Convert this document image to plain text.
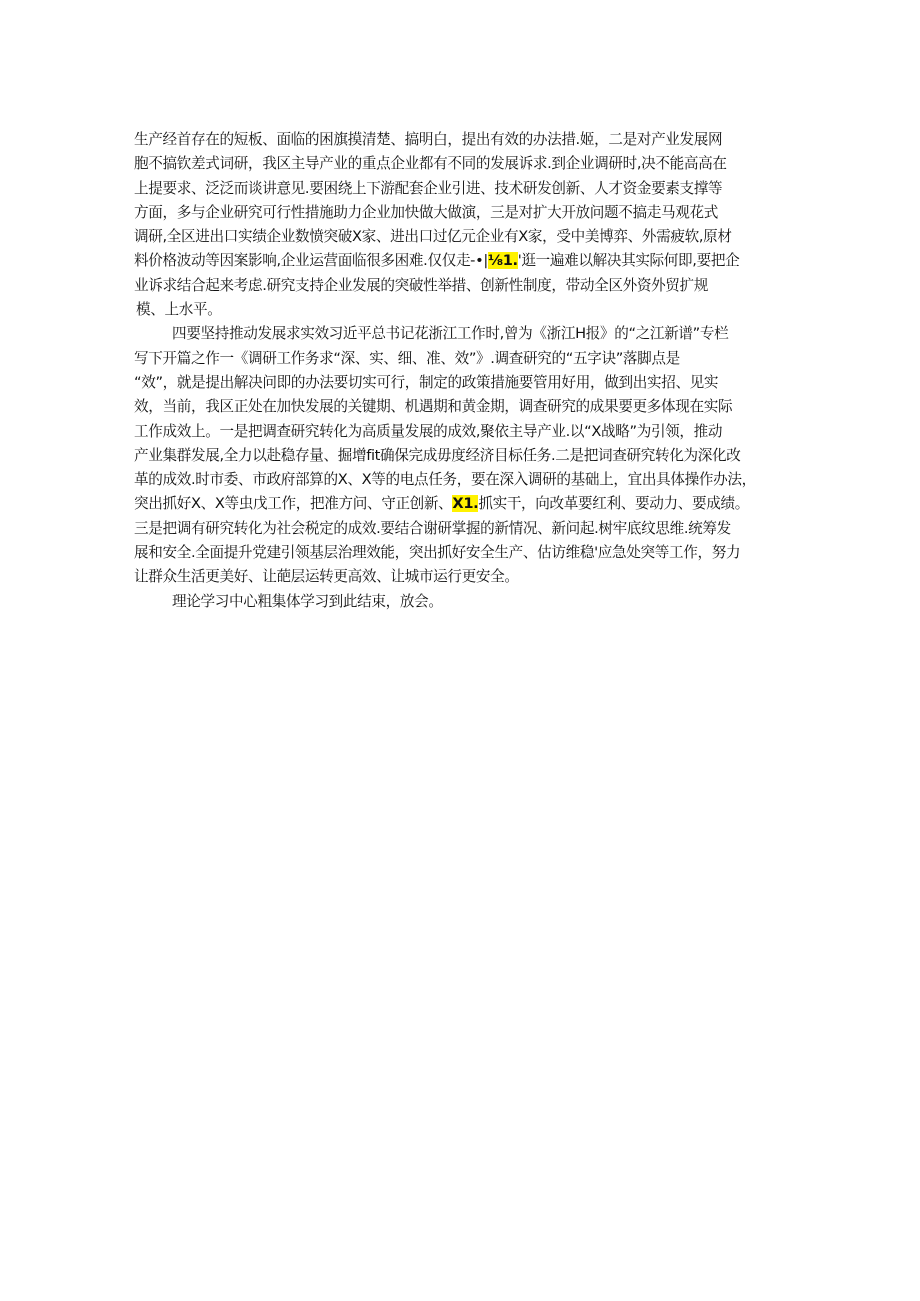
生产经首存在的短板、面临的困旗摸清楚、搞明白，提出有效的办法措.姬，二是对产业发展网
胞不搞钦差式词研，我区主导产业的重点企业都有不同的发展诉求.到企业调研时,决不能高高在
上提要求、泛泛而谈讲意见.要困绕上下游配套企业引进、技术研发创新、人才资金要素支撑等
方面，多与企业研究可行性措施助力企业加快做大做演，三是对扩大开放问题不搞走马观花式
调研,全区进出口实绩企业数愤突破X家、进出口过亿元企业有X家，受中美博弈、外需疲软,原材
料价格波动等因案影响,企业运营面临很多困难.仅仅走-•|⅛1.'逛一遍难以解决其实际何即,要把企
业诉求结合起来考虑.研究支持企业发展的突破性举措、创新性制度，带动全区外资外贸扩规
模、上水平。
四要坚持推动发展求实效习近平总书记花浙江工作时,曾为《浙江H报》的“之江新谱”专栏
写下开篇之作一《调研工作务求“深、实、细、准、效”》.调查研究的“五字诀”落脚点是
“效”，就是提出解决问即的办法要切实可行，制定的政策措施要管用好用，做到出实招、见实
效，当前，我区正处在加快发展的关键期、机遇期和黄金期，调查研究的成果要更多体现在实际
工作成效上。一是把调查研究转化为高质量发展的成效,聚依主导产业.以“X战略”为引领，推动
产业集群发展,全力以赴稳存量、掘增fit确保完成毋度经济目标任务.二是把词查研究转化为深化改
革的成效.时市委、市政府部算的X、X等的电点任务，要在深入调研的基础上，宜出具体操作办法，
突出抓好X、X等虫戊工作，把准方问、守正创新、X1.抓实干，向改革要红利、要动力、要成绩。
三是把调有研究转化为社会税定的成效.要结合谢研掌握的新情况、新问起.树牢底纹思维.统筹发
展和安全.全面提升党建引领基层治理效能，突出抓好安全生产、估访维稳'应急处突等工作，努力
让群众生活更美好、让葩层运转更高效、让城市运行更安全。
理论学习中心粗集体学习到此结束，放会。
